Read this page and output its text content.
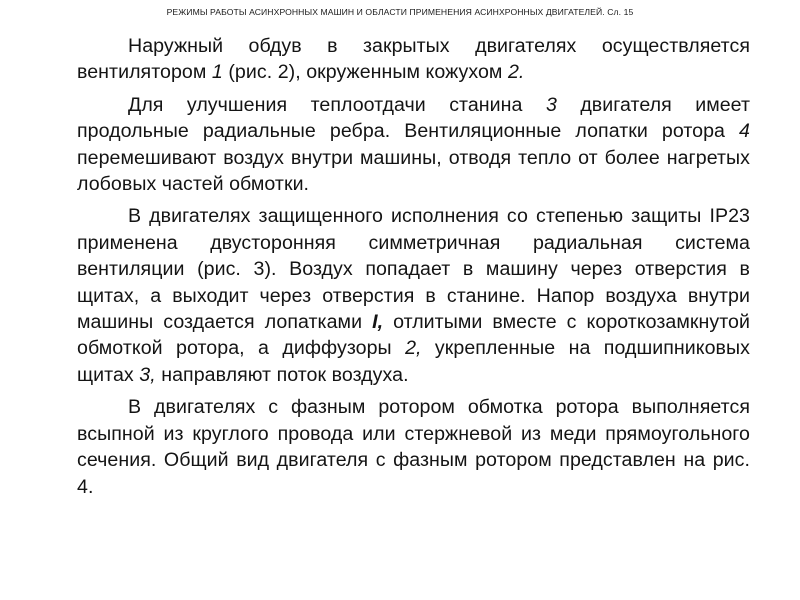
РЕЖИМЫ РАБОТЫ АСИНХРОННЫХ МАШИН И ОБЛАСТИ ПРИМЕНЕНИЯ АСИНХРОННЫХ ДВИГАТЕЛЕЙ. Сл. 15

Наружный обдув в закрытых двигателях осуществляется вентилятором 1 (рис. 2), окруженным кожухом 2.

Для улучшения теплоотдачи станина 3 двигателя имеет продольные радиальные ребра. Вентиляционные лопатки ротора 4 перемешивают воздух внутри машины, отводя тепло от более нагретых лобовых частей обмотки.

В двигателях защищенного исполнения со степенью защиты IP23 применена двусторонняя симметричная радиальная система вентиляции (рис. 3). Воздух попадает в машину через отверстия в щитах, а выходит через отверстия в станине. Напор воздуха внутри машины создается лопатками I, отлитыми вместе с короткозамкнутой обмоткой ротора, а диффузоры 2, укрепленные на подшипниковых щитах 3, направляют поток воздуха.

В двигателях с фазным ротором обмотка ротора выполняется всыпной из круглого провода или стержневой из меди прямоугольного сечения. Общий вид двигателя с фазным ротором представлен на рис. 4.
